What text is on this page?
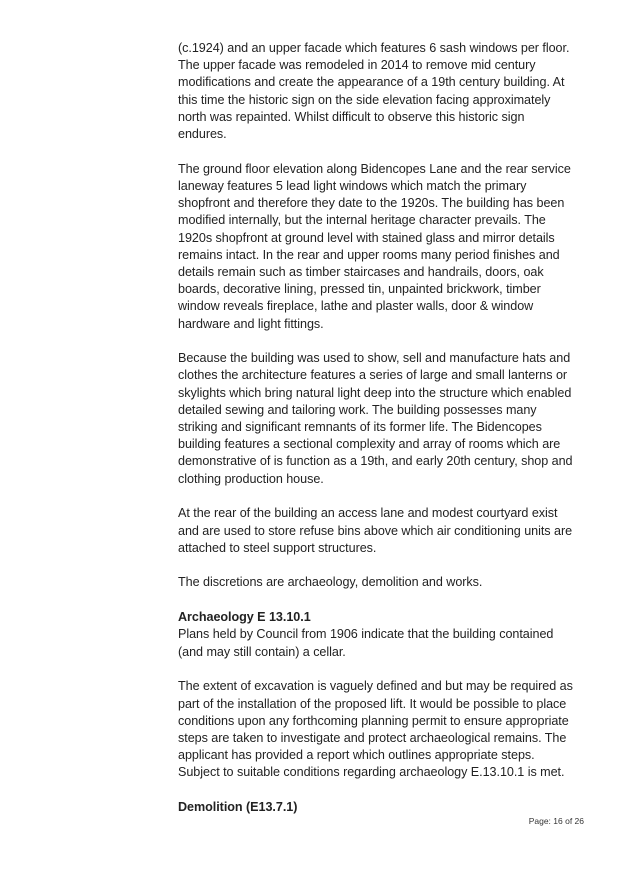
(c.1924) and an upper facade which features 6 sash windows per floor. The upper facade was remodeled in 2014 to remove mid century modifications and create the appearance of a 19th century building. At this time the historic sign on the side elevation facing approximately north was repainted. Whilst difficult to observe this historic sign endures.

The ground floor elevation along Bidencopes Lane and the rear service laneway features 5 lead light windows which match the primary shopfront and therefore they date to the 1920s. The building has been modified internally, but the internal heritage character prevails. The 1920s shopfront at ground level with stained glass and mirror details remains intact. In the rear and upper rooms many period finishes and details remain such as timber staircases and handrails, doors, oak boards, decorative lining, pressed tin, unpainted brickwork, timber window reveals fireplace, lathe and plaster walls, door & window hardware and light fittings.

Because the building was used to show, sell and manufacture hats and clothes the architecture features a series of large and small lanterns or skylights which bring natural light deep into the structure which enabled detailed sewing and tailoring work. The building possesses many striking and significant remnants of its former life. The Bidencopes building features a sectional complexity and array of rooms which are demonstrative of is function as a 19th, and early 20th century, shop and clothing production house.

At the rear of the building an access lane and modest courtyard exist and are used to store refuse bins above which air conditioning units are attached to steel support structures.

The discretions are archaeology, demolition and works.

Archaeology E 13.10.1

Plans held by Council from 1906 indicate that the building contained (and may still contain) a cellar.

The extent of excavation is vaguely defined and but may be required as part of the installation of the proposed lift. It would be possible to place conditions upon any forthcoming planning permit to ensure appropriate steps are taken to investigate and protect archaeological remains. The applicant has provided a report which outlines appropriate steps. Subject to suitable conditions regarding archaeology E.13.10.1 is met.

Demolition (E13.7.1)

Page: 16 of 26
